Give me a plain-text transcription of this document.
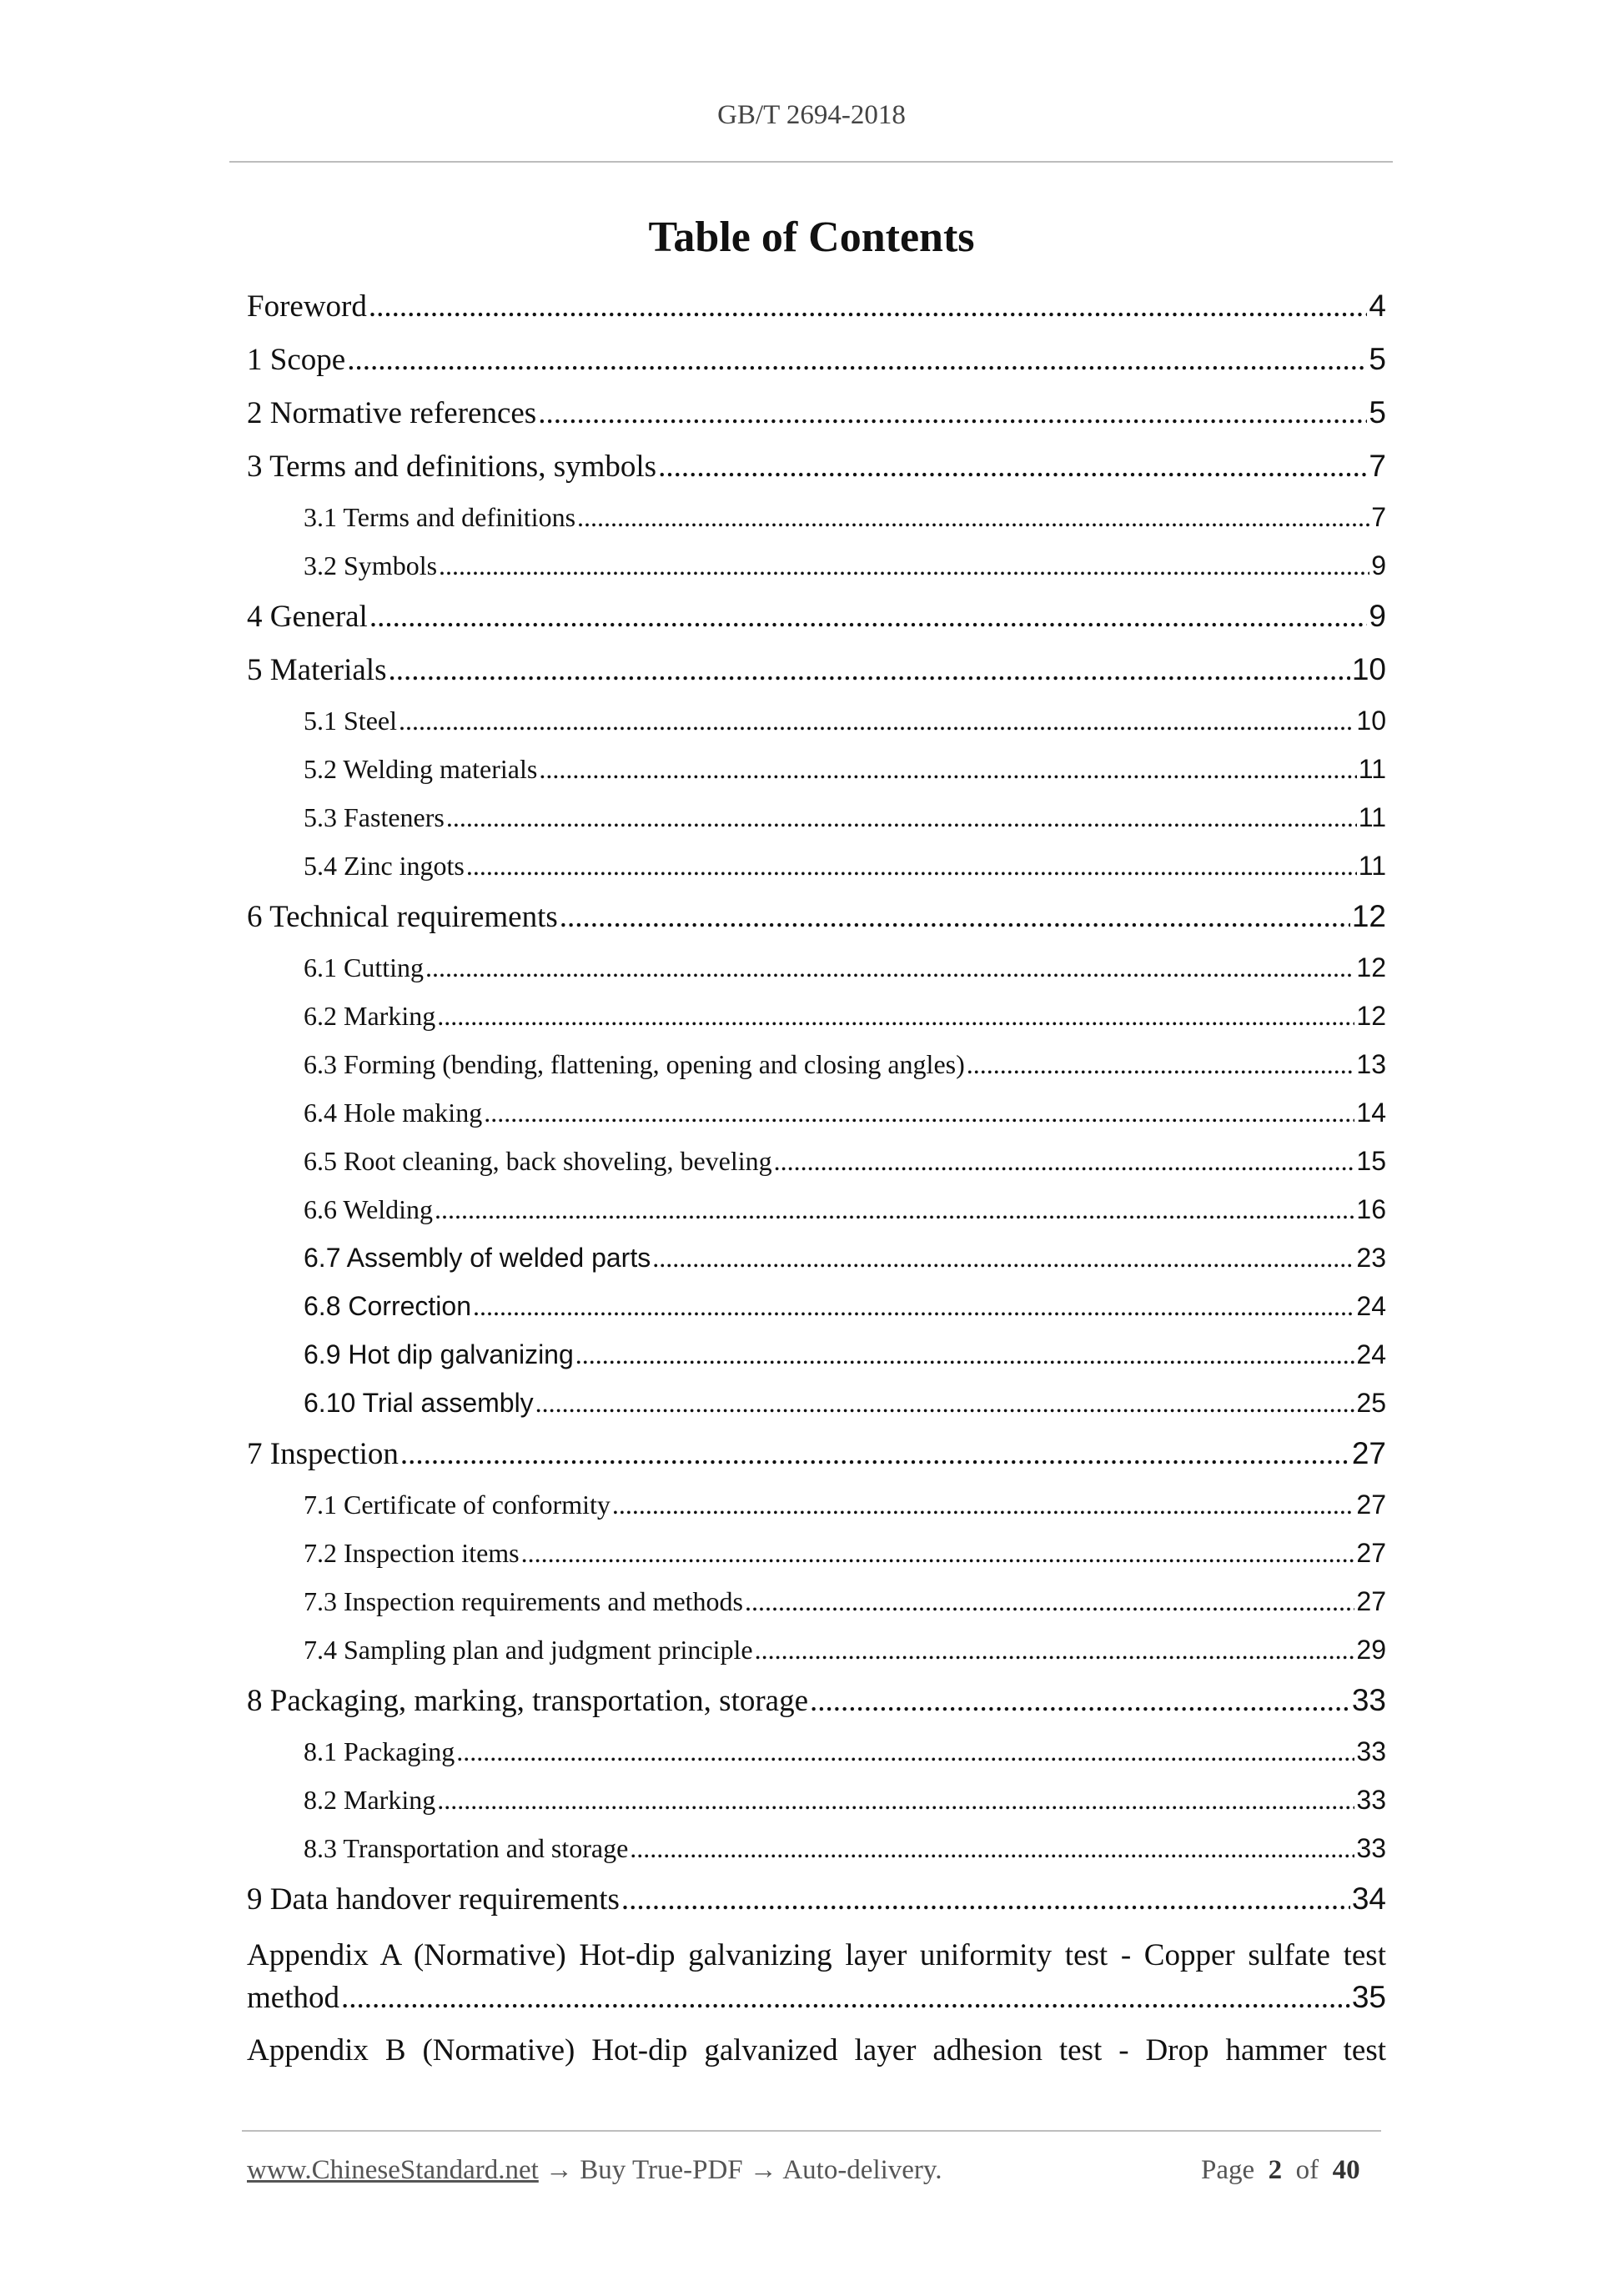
GB/T 2694-2018
Table of Contents
Foreword .....	4
1 Scope .....	5
2 Normative references .....	5
3 Terms and definitions, symbols .....	7
3.1 Terms and definitions .....	7
3.2 Symbols .....	9
4 General .....	9
5 Materials .....	10
5.1 Steel .....	10
5.2 Welding materials .....	11
5.3 Fasteners .....	11
5.4 Zinc ingots .....	11
6 Technical requirements .....	12
6.1 Cutting .....	12
6.2 Marking .....	12
6.3 Forming (bending, flattening, opening and closing angles) .....	13
6.4 Hole making .....	14
6.5 Root cleaning, back shoveling, beveling .....	15
6.6 Welding .....	16
6.7 Assembly of welded parts .....	23
6.8 Correction .....	24
6.9 Hot dip galvanizing .....	24
6.10 Trial assembly .....	25
7 Inspection .....	27
7.1 Certificate of conformity .....	27
7.2 Inspection items .....	27
7.3 Inspection requirements and methods .....	27
7.4 Sampling plan and judgment principle .....	29
8 Packaging, marking, transportation, storage .....	33
8.1 Packaging .....	33
8.2 Marking .....	33
8.3 Transportation and storage .....	33
9 Data handover requirements .....	34
Appendix A (Normative) Hot-dip galvanizing layer uniformity test - Copper sulfate test
method .....	35
Appendix B (Normative) Hot-dip galvanized layer adhesion test - Drop hammer test
www.ChineseStandard.net → Buy True-PDF → Auto-delivery.	Page 2 of 40
